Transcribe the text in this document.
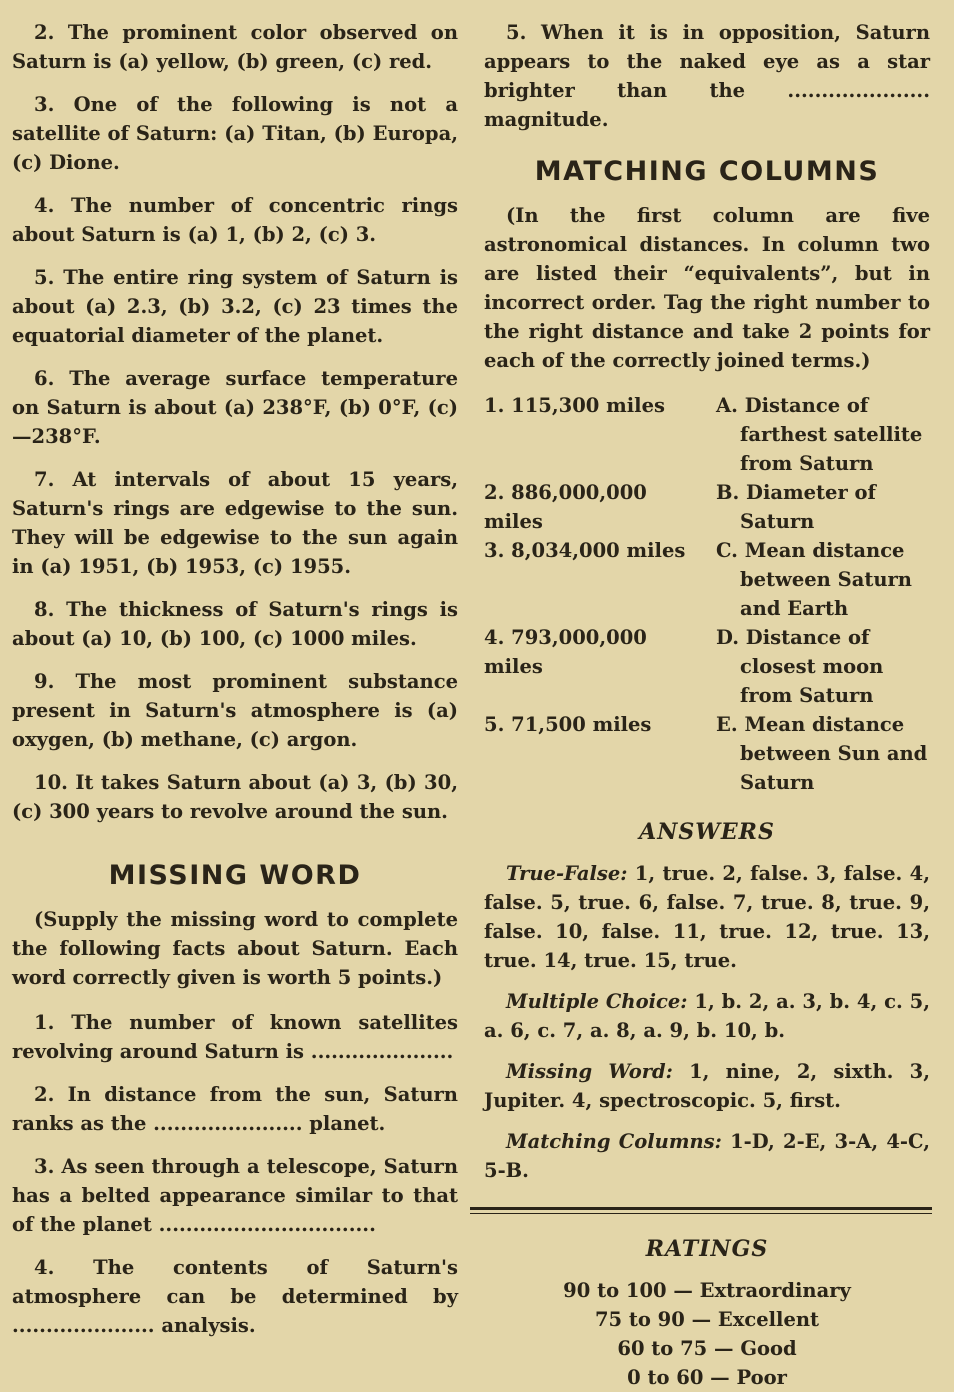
2. The prominent color observed on Saturn is (a) yellow, (b) green, (c) red.

3. One of the following is not a satellite of Saturn: (a) Titan, (b) Europa, (c) Dione.

4. The number of concentric rings about Saturn is (a) 1, (b) 2, (c) 3.

5. The entire ring system of Saturn is about (a) 2.3, (b) 3.2, (c) 23 times the equatorial diameter of the planet.

6. The average surface temperature on Saturn is about (a) 238°F, (b) 0°F, (c) —238°F.

7. At intervals of about 15 years, Saturn's rings are edgewise to the sun. They will be edgewise to the sun again in (a) 1951, (b) 1953, (c) 1955.

8. The thickness of Saturn's rings is about (a) 10, (b) 100, (c) 1000 miles.

9. The most prominent substance present in Saturn's atmosphere is (a) oxygen, (b) methane, (c) argon.

10. It takes Saturn about (a) 3, (b) 30, (c) 300 years to revolve around the sun.

MISSING WORD

(Supply the missing word to complete the following facts about Saturn. Each word correctly given is worth 5 points.)

1. The number of known satellites revolving around Saturn is .....................

2. In distance from the sun, Saturn ranks as the ...................... planet.

3. As seen through a telescope, Saturn has a belted appearance similar to that of the planet ................................

4. The contents of Saturn's atmosphere can be determined by ..................... analysis.

5. When it is in opposition, Saturn appears to the naked eye as a star brighter than the ..................... magnitude.

MATCHING COLUMNS

(In the first column are five astronomical distances. In column two are listed their “equivalents”, but in incorrect order. Tag the right number to the right distance and take 2 points for each of the correctly joined terms.)

1. 115,300 miles	A. Distance of farthest satellite from Saturn
2. 886,000,000 miles	B. Diameter of Saturn
3. 8,034,000 miles	C. Mean distance between Saturn and Earth
4. 793,000,000 miles	D. Distance of closest moon from Saturn
5. 71,500 miles	E. Mean distance between Sun and Saturn
ANSWERS

True-False: 1, true. 2, false. 3, false. 4, false. 5, true. 6, false. 7, true. 8, true. 9, false. 10, false. 11, true. 12, true. 13, true. 14, true. 15, true.

Multiple Choice: 1, b. 2, a. 3, b. 4, c. 5, a. 6, c. 7, a. 8, a. 9, b. 10, b.

Missing Word: 1, nine, 2, sixth. 3, Jupiter. 4, spectroscopic. 5, first.

Matching Columns: 1-D, 2-E, 3-A, 4-C, 5-B.

RATINGS

90 to 100 — Extraordinary

75 to 90 — Excellent

60 to 75 — Good

0 to 60 — Poor
